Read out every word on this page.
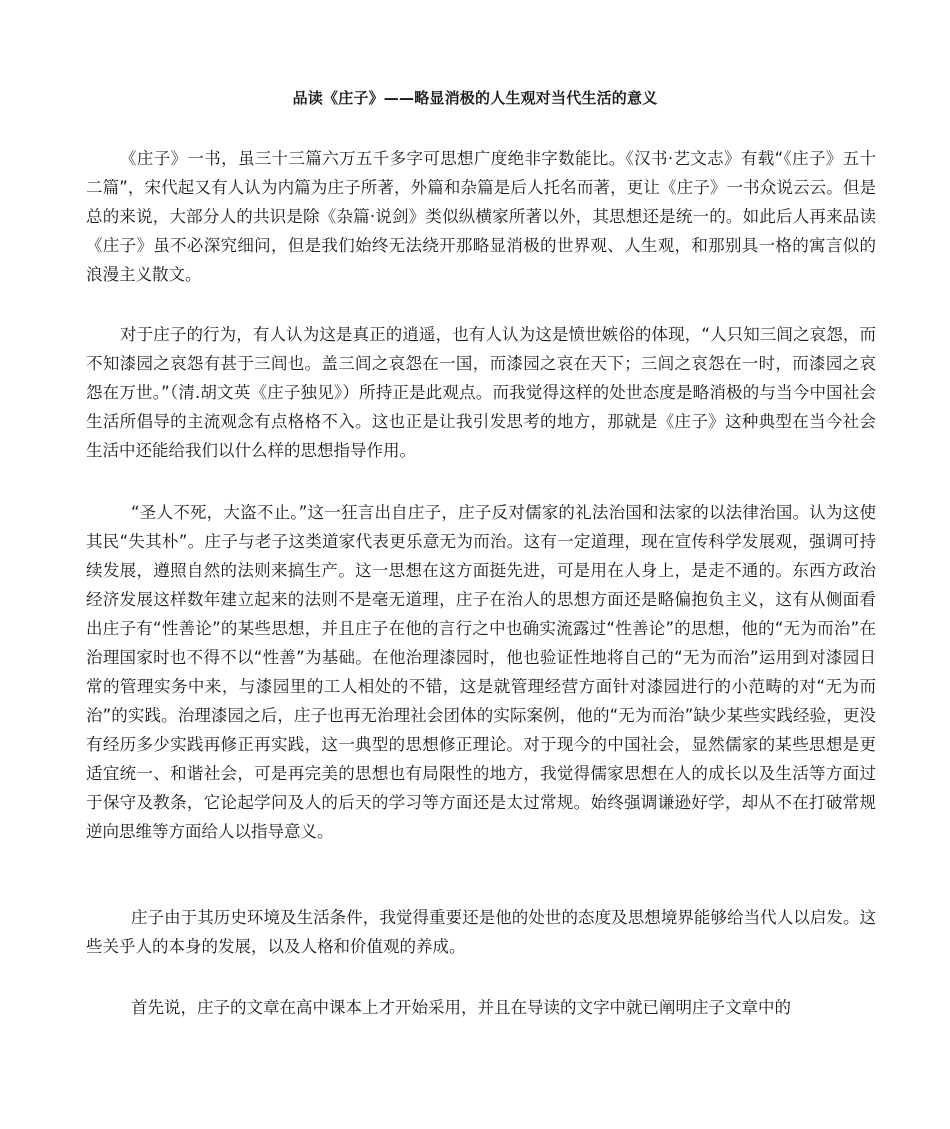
品读《庄子》——略显消极的人生观对当代生活的意义

《庄子》一书，虽三十三篇六万五千多字可思想广度绝非字数能比。《汉书·艺文志》有载“《庄子》五十二篇”，宋代起又有人认为内篇为庄子所著，外篇和杂篇是后人托名而著，更让《庄子》一书众说云云。但是总的来说，大部分人的共识是除《杂篇·说剑》类似纵横家所著以外，其思想还是统一的。如此后人再来品读《庄子》虽不必深究细问，但是我们始终无法绕开那略显消极的世界观、人生观，和那别具一格的寓言似的浪漫主义散文。

对于庄子的行为，有人认为这是真正的逍遥，也有人认为这是愤世嫉俗的体现，“人只知三闾之哀怨，而不知漆园之哀怨有甚于三闾也。盖三闾之哀怨在一国，而漆园之哀在天下；三闾之哀怨在一时，而漆园之哀怨在万世。”（清.胡文英《庄子独见》）所持正是此观点。而我觉得这样的处世态度是略消极的与当今中国社会生活所倡导的主流观念有点格格不入。这也正是让我引发思考的地方，那就是《庄子》这种典型在当今社会生活中还能给我们以什么样的思想指导作用。

“圣人不死，大盗不止。”这一狂言出自庄子，庄子反对儒家的礼法治国和法家的以法律治国。认为这使其民“失其朴”。庄子与老子这类道家代表更乐意无为而治。这有一定道理，现在宣传科学发展观，强调可持续发展，遵照自然的法则来搞生产。这一思想在这方面挺先进，可是用在人身上，是走不通的。东西方政治经济发展这样数年建立起来的法则不是毫无道理，庄子在治人的思想方面还是略偏抱负主义，这有从侧面看出庄子有“性善论”的某些思想，并且庄子在他的言行之中也确实流露过“性善论”的思想，他的“无为而治”在治理国家时也不得不以“性善”为基础。在他治理漆园时，他也验证性地将自己的“无为而治”运用到对漆园日常的管理实务中来，与漆园里的工人相处的不错，这是就管理经营方面针对漆园进行的小范畴的对“无为而治”的实践。治理漆园之后，庄子也再无治理社会团体的实际案例，他的“无为而治”缺少某些实践经验，更没有经历多少实践再修正再实践，这一典型的思想修正理论。对于现今的中国社会，显然儒家的某些思想是更适宜统一、和谐社会，可是再完美的思想也有局限性的地方，我觉得儒家思想在人的成长以及生活等方面过于保守及教条，它论起学问及人的后天的学习等方面还是太过常规。始终强调谦逊好学，却从不在打破常规逆向思维等方面给人以指导意义。

庄子由于其历史环境及生活条件，我觉得重要还是他的处世的态度及思想境界能够给当代人以启发。这些关乎人的本身的发展，以及人格和价值观的养成。

首先说，庄子的文章在高中课本上才开始采用，并且在导读的文字中就已阐明庄子文章中的
